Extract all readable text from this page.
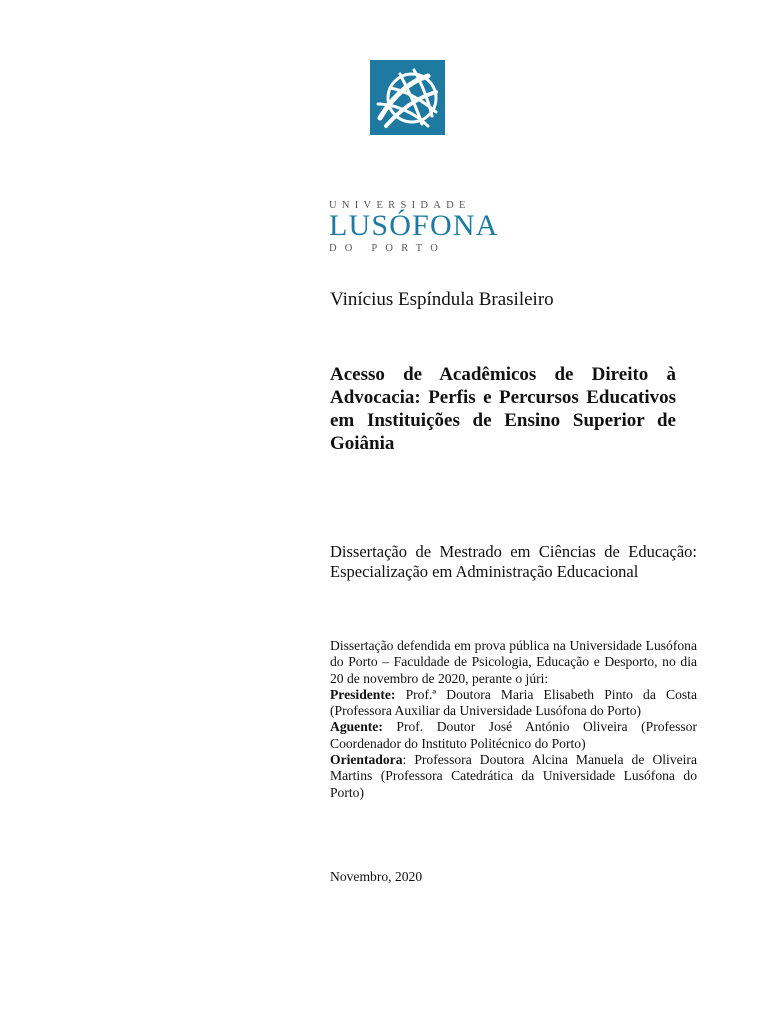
UNIVERSIDADE
LUSÓFONA
DO PORTO
Vinícius Espíndula Brasileiro
Acesso de Acadêmicos de Direito à Advocacia: Perfis e Percursos Educativos em Instituições de Ensino Superior de Goiânia
Dissertação de Mestrado em Ciências de Educação: Especialização em Administração Educacional

Dissertação defendida em prova pública na Universidade Lusófona do Porto – Faculdade de Psicologia, Educação e Desporto, no dia 20 de novembro de 2020, perante o júri:

Presidente: Prof.ª Doutora Maria Elisabeth Pinto da Costa (Professora Auxiliar da Universidade Lusófona do Porto)

Aguente: Prof. Doutor José António Oliveira (Professor Coordenador do Instituto Politécnico do Porto)

Orientadora: Professora Doutora Alcina Manuela de Oliveira Martins (Professora Catedrática da Universidade Lusófona do Porto)

Novembro, 2020
